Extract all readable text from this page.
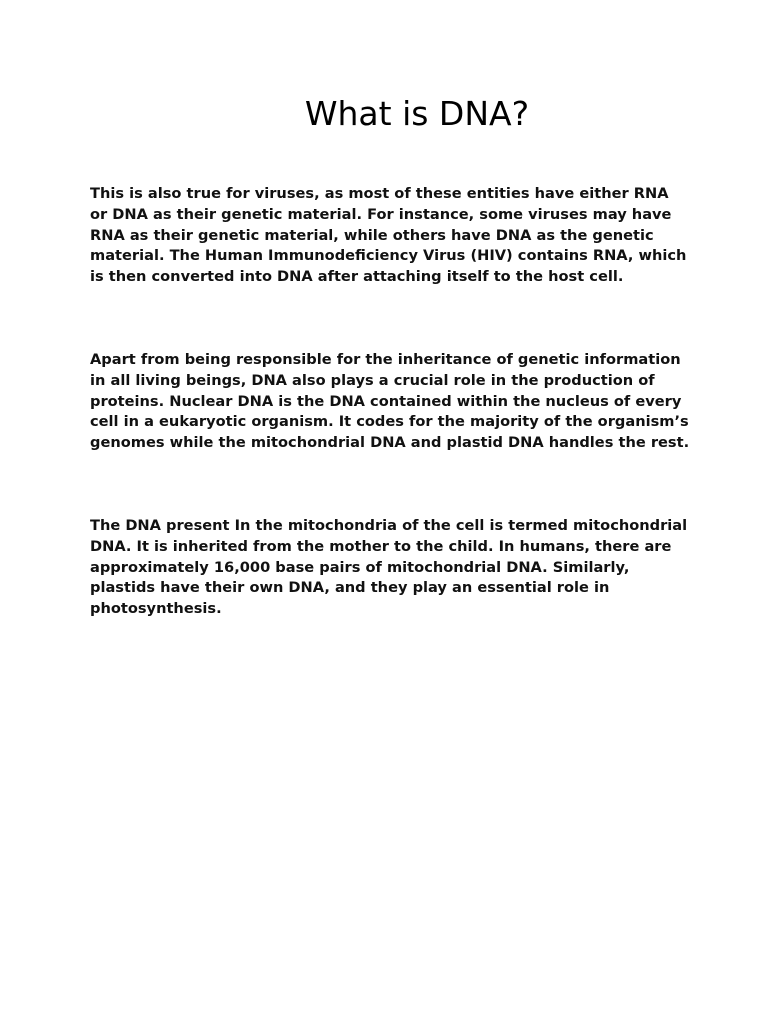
What is DNA?

This is also true for viruses, as most of these entities have either RNA or DNA as their genetic material. For instance, some viruses may have RNA as their genetic material, while others have DNA as the genetic material. The Human Immunodeficiency Virus (HIV) contains RNA, which is then converted into DNA after attaching itself to the host cell.

Apart from being responsible for the inheritance of genetic information in all living beings, DNA also plays a crucial role in the production of proteins. Nuclear DNA is the DNA contained within the nucleus of every cell in a eukaryotic organism. It codes for the majority of the organism’s genomes while the mitochondrial DNA and plastid DNA handles the rest.

The DNA present In the mitochondria of the cell is termed mitochondrial DNA. It is inherited from the mother to the child. In humans, there are approximately 16,000 base pairs of mitochondrial DNA. Similarly, plastids have their own DNA, and they play an essential role in photosynthesis.
